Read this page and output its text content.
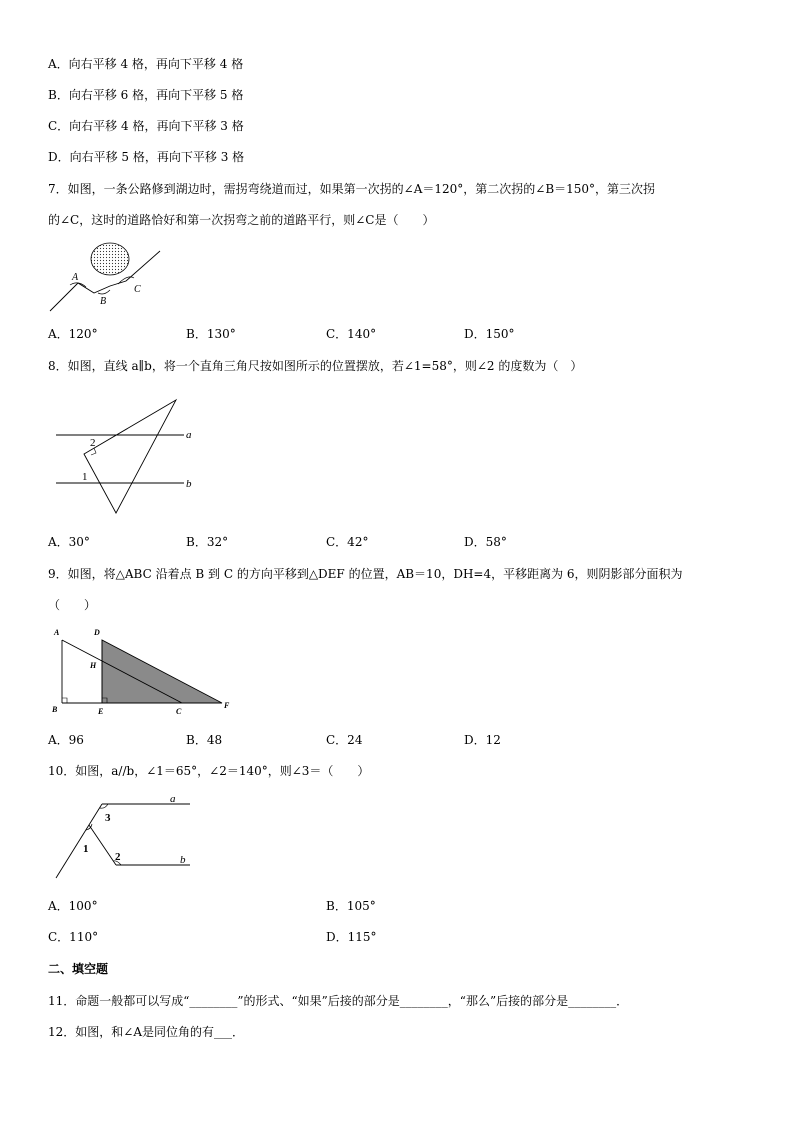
A．向右平移 4 格，再向下平移 4 格
B．向右平移 6 格，再向下平移 5 格
C．向右平移 4 格，再向下平移 3 格
D．向右平移 5 格，再向下平移 3 格
7．如图，一条公路修到湖边时，需拐弯绕道而过，如果第一次拐的∠A＝120°，第二次拐的∠B＝150°，第三次拐
的∠C，这时的道路恰好和第一次拐弯之前的道路平行，则∠C是（　　）
A
B
C
A．120°	B．130°	C．140°	D．150°
8．如图，直线 a∥b，将一个直角三角尺按如图所示的位置摆放，若∠1=58°，则∠2 的度数为（　）
2
1
a
b
A．30°	B．32°	C．42°	D．58°
9．如图，将△ABC 沿着点 B 到 C 的方向平移到△DEF 的位置，AB＝10，DH=4，平移距离为 6，则阴影部分面积为
（　　）
A	D
H
B	E	C
F
A．96	B．48	C．24	D．12
10．如图，a//b，∠1＝65°，∠2＝140°，则∠3＝（　　）
a
3
1
2	b
A．100°	B．105°
C．110°	D．115°
二、填空题
11．命题一般都可以写成“________”的形式、“如果”后接的部分是________，“那么”后接的部分是________．
12．如图，和∠A是同位角的有___．
